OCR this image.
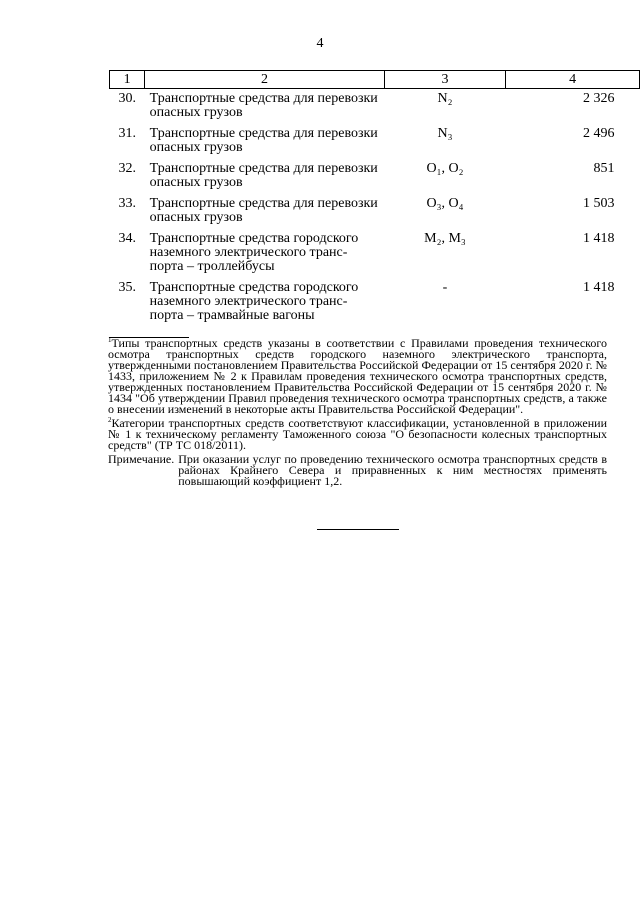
4
1	2	3	4
30.	Транспортные средства для перевозки опасных грузов	N₂	2 326
31.	Транспортные средства для перевозки опасных грузов	N₃	2 496
32.	Транспортные средства для перевозки опасных грузов	O₁, O₂	851
33.	Транспортные средства для перевозки опасных грузов	O₃, O₄	1 503
34.	Транспортные средства городского наземного электрического транс- порта – троллейбусы	M₂, M₃	1 418
35.	Транспортные средства городского наземного электрического транс- порта – трамвайные вагоны	-	1 418

$^1$Типы транспортных средств указаны в соответствии с Правилами проведения технического осмотра транспортных средств городского наземного электрического транспорта, утвержденными постановлением Правительства Российской Федерации от 15 сентября 2020 г. № 1433, приложением № 2 к Правилам проведения технического осмотра транспортных средств, утвержденных постановлением Правительства Российской Федерации от 15 сентября 2020 г. № 1434 "Об утверждении Правил проведения технического осмотра транспортных средств, а также о внесении изменений в некоторые акты Правительства Российской Федерации".

$^2$Категории транспортных средств соответствуют классификации, установленной в приложении № 1 к техническому регламенту Таможенного союза "О безопасности колесных транспортных средств" (ТР ТС 018/2011).

Примечание. При оказании услуг по проведению технического осмотра транспортных средств в районах Крайнего Севера и приравненных к ним местностях применять повышающий коэффициент 1,2.
